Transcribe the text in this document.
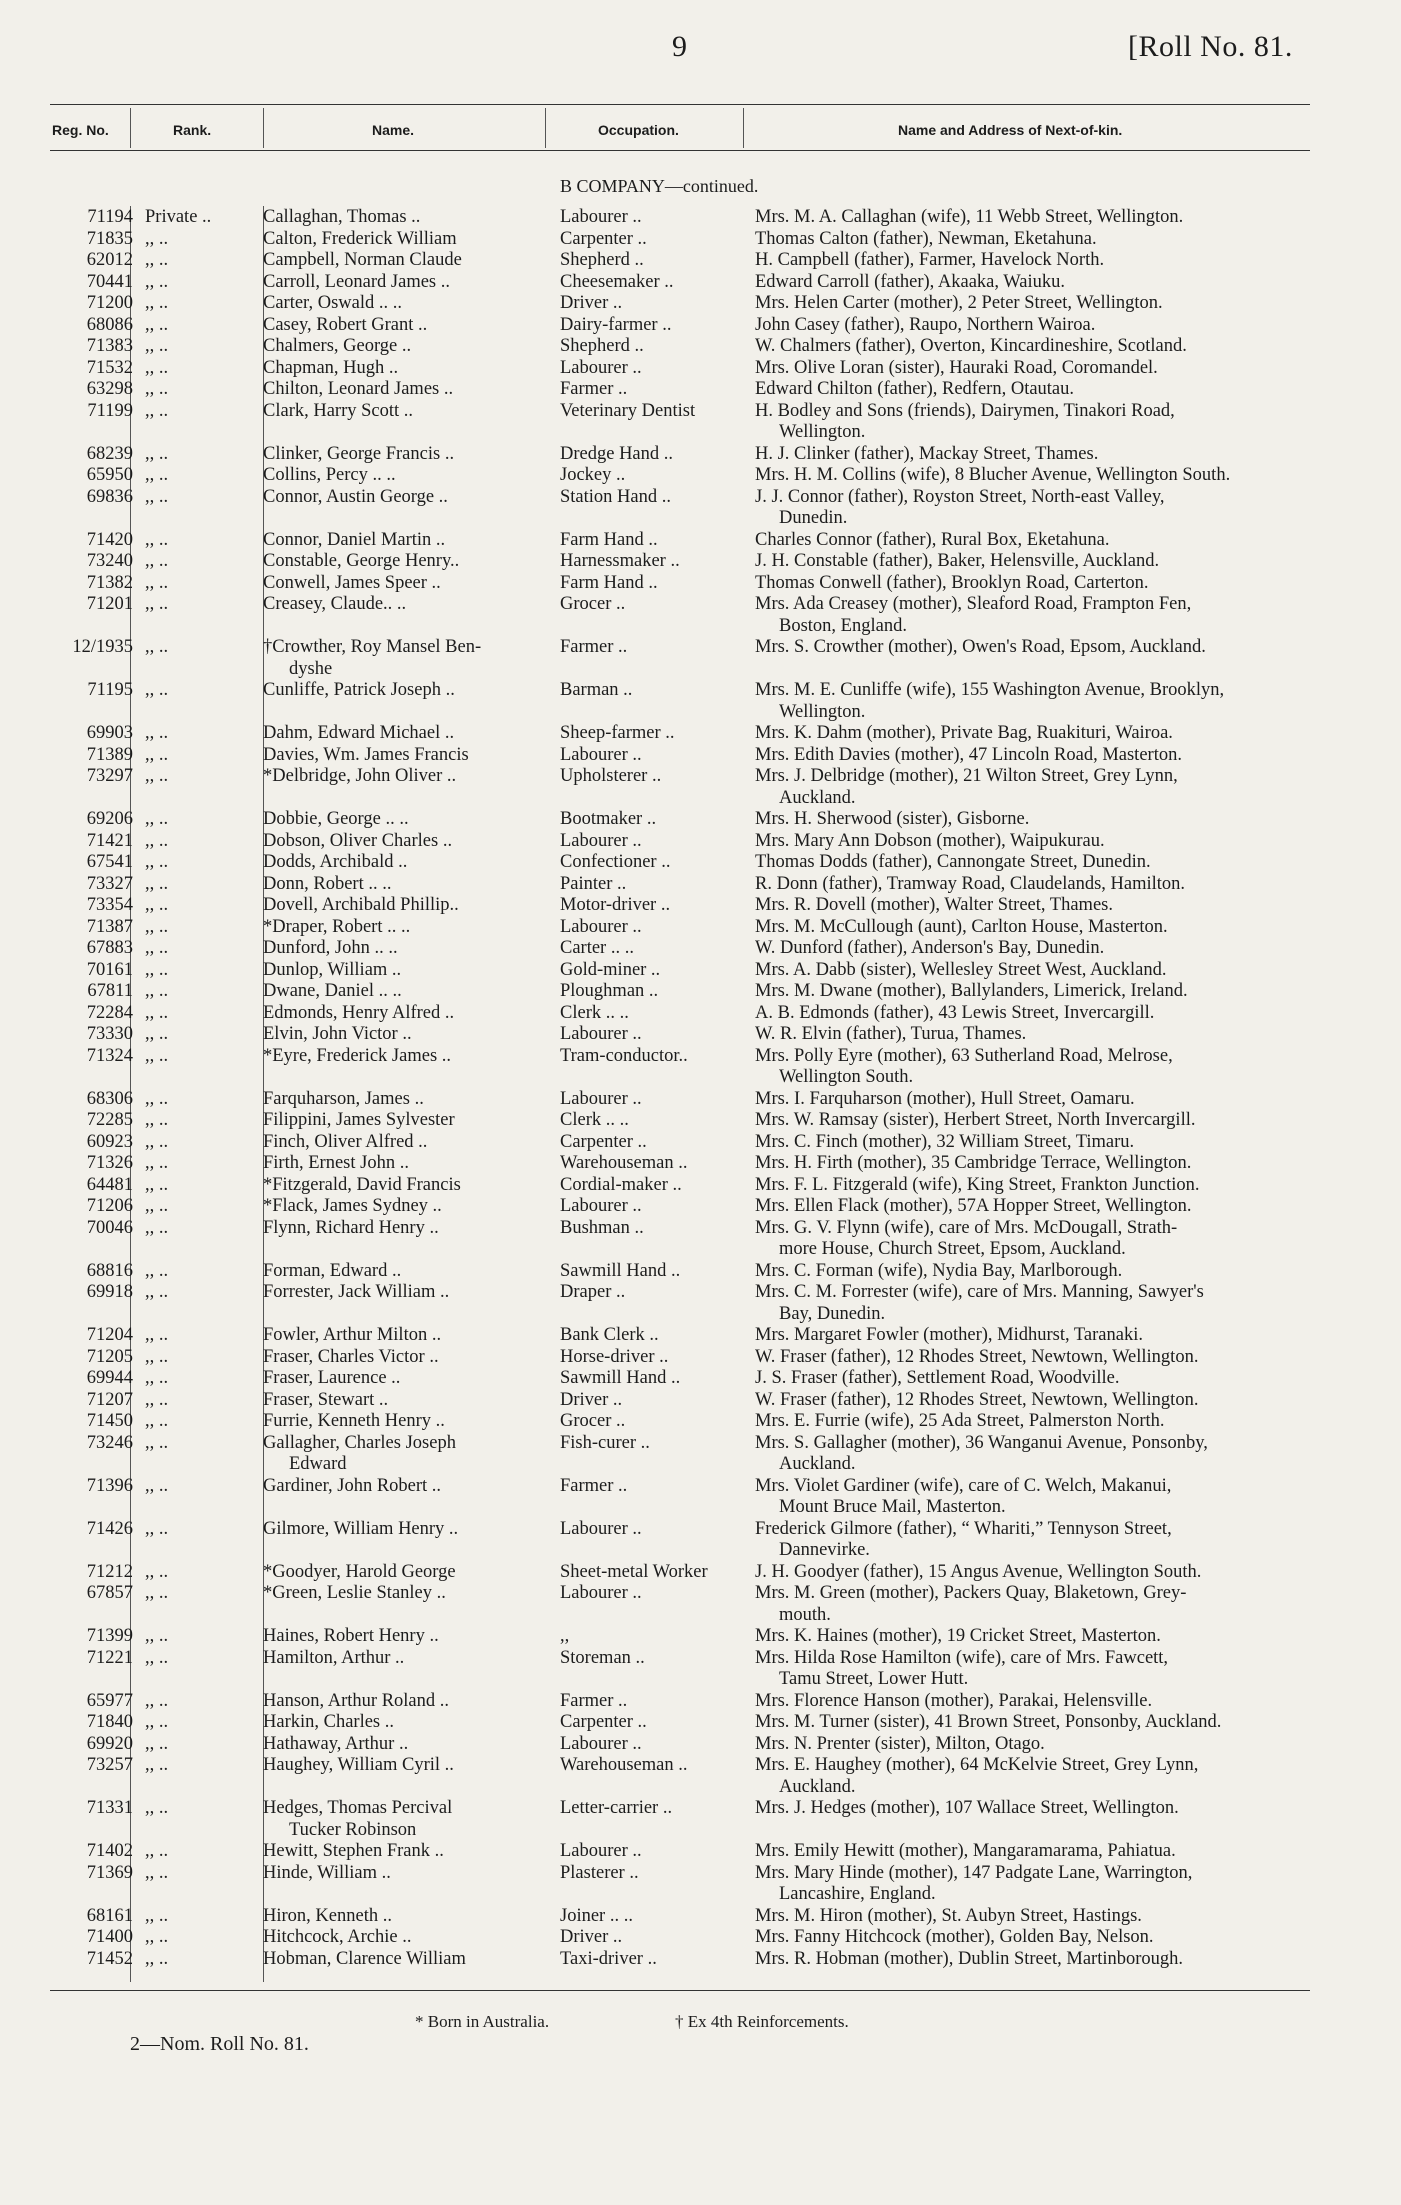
9	[Roll No. 81.
Reg. No.	Rank.	Name.	Occupation.	Name and Address of Next-of-kin.
B COMPANY—continued.
71194 Private ..	Callaghan, Thomas ..	Labourer ..	Mrs. M. A. Callaghan (wife), 11 Webb Street, Wellington.
71835 ,, ..	Calton, Frederick William	Carpenter ..	Thomas Calton (father), Newman, Eketahuna.
62012 ,, ..	Campbell, Norman Claude	Shepherd ..	H. Campbell (father), Farmer, Havelock North.
70441 ,, ..	Carroll, Leonard James ..	Cheesemaker ..	Edward Carroll (father), Akaaka, Waiuku.
71200 ,, ..	Carter, Oswald .. ..	Driver ..	Mrs. Helen Carter (mother), 2 Peter Street, Wellington.
68086 ,, ..	Casey, Robert Grant ..	Dairy-farmer ..	John Casey (father), Raupo, Northern Wairoa.
71383 ,, ..	Chalmers, George ..	Shepherd ..	W. Chalmers (father), Overton, Kincardineshire, Scotland.
71532 ,, ..	Chapman, Hugh ..	Labourer ..	Mrs. Olive Loran (sister), Hauraki Road, Coromandel.
63298 ,, ..	Chilton, Leonard James ..	Farmer ..	Edward Chilton (father), Redfern, Otautau.
71199 ,, ..	Clark, Harry Scott ..	Veterinary Dentist	H. Bodley and Sons (friends), Dairymen, Tinakori Road,
Wellington.
68239 ,, ..	Clinker, George Francis ..	Dredge Hand ..	H. J. Clinker (father), Mackay Street, Thames.
65950 ,, ..	Collins, Percy .. ..	Jockey ..	Mrs. H. M. Collins (wife), 8 Blucher Avenue, Wellington South.
69836 ,, ..	Connor, Austin George ..	Station Hand ..	J. J. Connor (father), Royston Street, North-east Valley,
Dunedin.
71420 ,, ..	Connor, Daniel Martin ..	Farm Hand ..	Charles Connor (father), Rural Box, Eketahuna.
73240 ,, ..	Constable, George Henry..	Harnessmaker ..	J. H. Constable (father), Baker, Helensville, Auckland.
71382 ,, ..	Conwell, James Speer ..	Farm Hand ..	Thomas Conwell (father), Brooklyn Road, Carterton.
71201 ,, ..	Creasey, Claude.. ..	Grocer ..	Mrs. Ada Creasey (mother), Sleaford Road, Frampton Fen,
Boston, England.
12/1935 ,, ..	†Crowther, Roy Mansel Ben-
dyshe
Farmer ..	Mrs. S. Crowther (mother), Owen's Road, Epsom, Auckland.
71195 ,, ..	Cunliffe, Patrick Joseph ..	Barman ..	Mrs. M. E. Cunliffe (wife), 155 Washington Avenue, Brooklyn,
Wellington.
69903 ,, ..	Dahm, Edward Michael ..	Sheep-farmer ..	Mrs. K. Dahm (mother), Private Bag, Ruakituri, Wairoa.
71389 ,, ..	Davies, Wm. James Francis	Labourer ..	Mrs. Edith Davies (mother), 47 Lincoln Road, Masterton.
73297 ,, ..	*Delbridge, John Oliver ..	Upholsterer ..	Mrs. J. Delbridge (mother), 21 Wilton Street, Grey Lynn,
Auckland.
69206 ,, ..	Dobbie, George .. ..	Bootmaker ..	Mrs. H. Sherwood (sister), Gisborne.
71421 ,, ..	Dobson, Oliver Charles ..	Labourer ..	Mrs. Mary Ann Dobson (mother), Waipukurau.
67541 ,, ..	Dodds, Archibald ..	Confectioner ..	Thomas Dodds (father), Cannongate Street, Dunedin.
73327 ,, ..	Donn, Robert .. ..	Painter ..	R. Donn (father), Tramway Road, Claudelands, Hamilton.
73354 ,, ..	Dovell, Archibald Phillip..	Motor-driver ..	Mrs. R. Dovell (mother), Walter Street, Thames.
71387 ,, ..	*Draper, Robert .. ..	Labourer ..	Mrs. M. McCullough (aunt), Carlton House, Masterton.
67883 ,, ..	Dunford, John .. ..	Carter .. ..	W. Dunford (father), Anderson's Bay, Dunedin.
70161 ,, ..	Dunlop, William ..	Gold-miner ..	Mrs. A. Dabb (sister), Wellesley Street West, Auckland.
67811 ,, ..	Dwane, Daniel .. ..	Ploughman ..	Mrs. M. Dwane (mother), Ballylanders, Limerick, Ireland.
72284 ,, ..	Edmonds, Henry Alfred ..	Clerk .. ..	A. B. Edmonds (father), 43 Lewis Street, Invercargill.
73330 ,, ..	Elvin, John Victor ..	Labourer ..	W. R. Elvin (father), Turua, Thames.
71324 ,, ..	*Eyre, Frederick James ..	Tram-conductor..	Mrs. Polly Eyre (mother), 63 Sutherland Road, Melrose,
Wellington South.
68306 ,, ..	Farquharson, James ..	Labourer ..	Mrs. I. Farquharson (mother), Hull Street, Oamaru.
72285 ,, ..	Filippini, James Sylvester	Clerk .. ..	Mrs. W. Ramsay (sister), Herbert Street, North Invercargill.
60923 ,, ..	Finch, Oliver Alfred ..	Carpenter ..	Mrs. C. Finch (mother), 32 William Street, Timaru.
71326 ,, ..	Firth, Ernest John ..	Warehouseman ..	Mrs. H. Firth (mother), 35 Cambridge Terrace, Wellington.
64481 ,, ..	*Fitzgerald, David Francis	Cordial-maker ..	Mrs. F. L. Fitzgerald (wife), King Street, Frankton Junction.
71206 ,, ..	*Flack, James Sydney ..	Labourer ..	Mrs. Ellen Flack (mother), 57A Hopper Street, Wellington.
70046 ,, ..	Flynn, Richard Henry ..	Bushman ..	Mrs. G. V. Flynn (wife), care of Mrs. McDougall, Strath-
more House, Church Street, Epsom, Auckland.
68816 ,, ..	Forman, Edward ..	Sawmill Hand ..	Mrs. C. Forman (wife), Nydia Bay, Marlborough.
69918 ,, ..	Forrester, Jack William ..	Draper ..	Mrs. C. M. Forrester (wife), care of Mrs. Manning, Sawyer's
Bay, Dunedin.
71204 ,, ..	Fowler, Arthur Milton ..	Bank Clerk ..	Mrs. Margaret Fowler (mother), Midhurst, Taranaki.
71205 ,, ..	Fraser, Charles Victor ..	Horse-driver ..	W. Fraser (father), 12 Rhodes Street, Newtown, Wellington.
69944 ,, ..	Fraser, Laurence ..	Sawmill Hand ..	J. S. Fraser (father), Settlement Road, Woodville.
71207 ,, ..	Fraser, Stewart ..	Driver ..	W. Fraser (father), 12 Rhodes Street, Newtown, Wellington.
71450 ,, ..	Furrie, Kenneth Henry ..	Grocer ..	Mrs. E. Furrie (wife), 25 Ada Street, Palmerston North.
73246 ,, ..	Gallagher, Charles Joseph
Edward
Fish-curer ..	Mrs. S. Gallagher (mother), 36 Wanganui Avenue, Ponsonby,
Auckland.
71396 ,, ..	Gardiner, John Robert ..	Farmer ..	Mrs. Violet Gardiner (wife), care of C. Welch, Makanui,
Mount Bruce Mail, Masterton.
71426 ,, ..	Gilmore, William Henry ..	Labourer ..	Frederick Gilmore (father), “ Whariti,” Tennyson Street,
Dannevirke.
71212 ,, ..	*Goodyer, Harold George	Sheet-metal Worker	J. H. Goodyer (father), 15 Angus Avenue, Wellington South.
67857 ,, ..	*Green, Leslie Stanley ..	Labourer ..	Mrs. M. Green (mother), Packers Quay, Blaketown, Grey-
mouth.
71399 ,, ..	Haines, Robert Henry ..	,,	Mrs. K. Haines (mother), 19 Cricket Street, Masterton.
71221 ,, ..	Hamilton, Arthur ..	Storeman ..	Mrs. Hilda Rose Hamilton (wife), care of Mrs. Fawcett,
Tamu Street, Lower Hutt.
65977 ,, ..	Hanson, Arthur Roland ..	Farmer ..	Mrs. Florence Hanson (mother), Parakai, Helensville.
71840 ,, ..	Harkin, Charles ..	Carpenter ..	Mrs. M. Turner (sister), 41 Brown Street, Ponsonby, Auckland.
69920 ,, ..	Hathaway, Arthur ..	Labourer ..	Mrs. N. Prenter (sister), Milton, Otago.
73257 ,, ..	Haughey, William Cyril ..	Warehouseman ..	Mrs. E. Haughey (mother), 64 McKelvie Street, Grey Lynn,
Auckland.
71331 ,, ..	Hedges, Thomas Percival
Tucker Robinson
Letter-carrier ..	Mrs. J. Hedges (mother), 107 Wallace Street, Wellington.
71402 ,, ..	Hewitt, Stephen Frank ..	Labourer ..	Mrs. Emily Hewitt (mother), Mangaramarama, Pahiatua.
71369 ,, ..	Hinde, William ..	Plasterer ..	Mrs. Mary Hinde (mother), 147 Padgate Lane, Warrington,
Lancashire, England.
68161 ,, ..	Hiron, Kenneth ..	Joiner .. ..	Mrs. M. Hiron (mother), St. Aubyn Street, Hastings.
71400 ,, ..	Hitchcock, Archie ..	Driver ..	Mrs. Fanny Hitchcock (mother), Golden Bay, Nelson.
71452 ,, ..	Hobman, Clarence William	Taxi-driver ..	Mrs. R. Hobman (mother), Dublin Street, Martinborough.
* Born in Australia.	† Ex 4th Reinforcements.
2—Nom. Roll No. 81.
